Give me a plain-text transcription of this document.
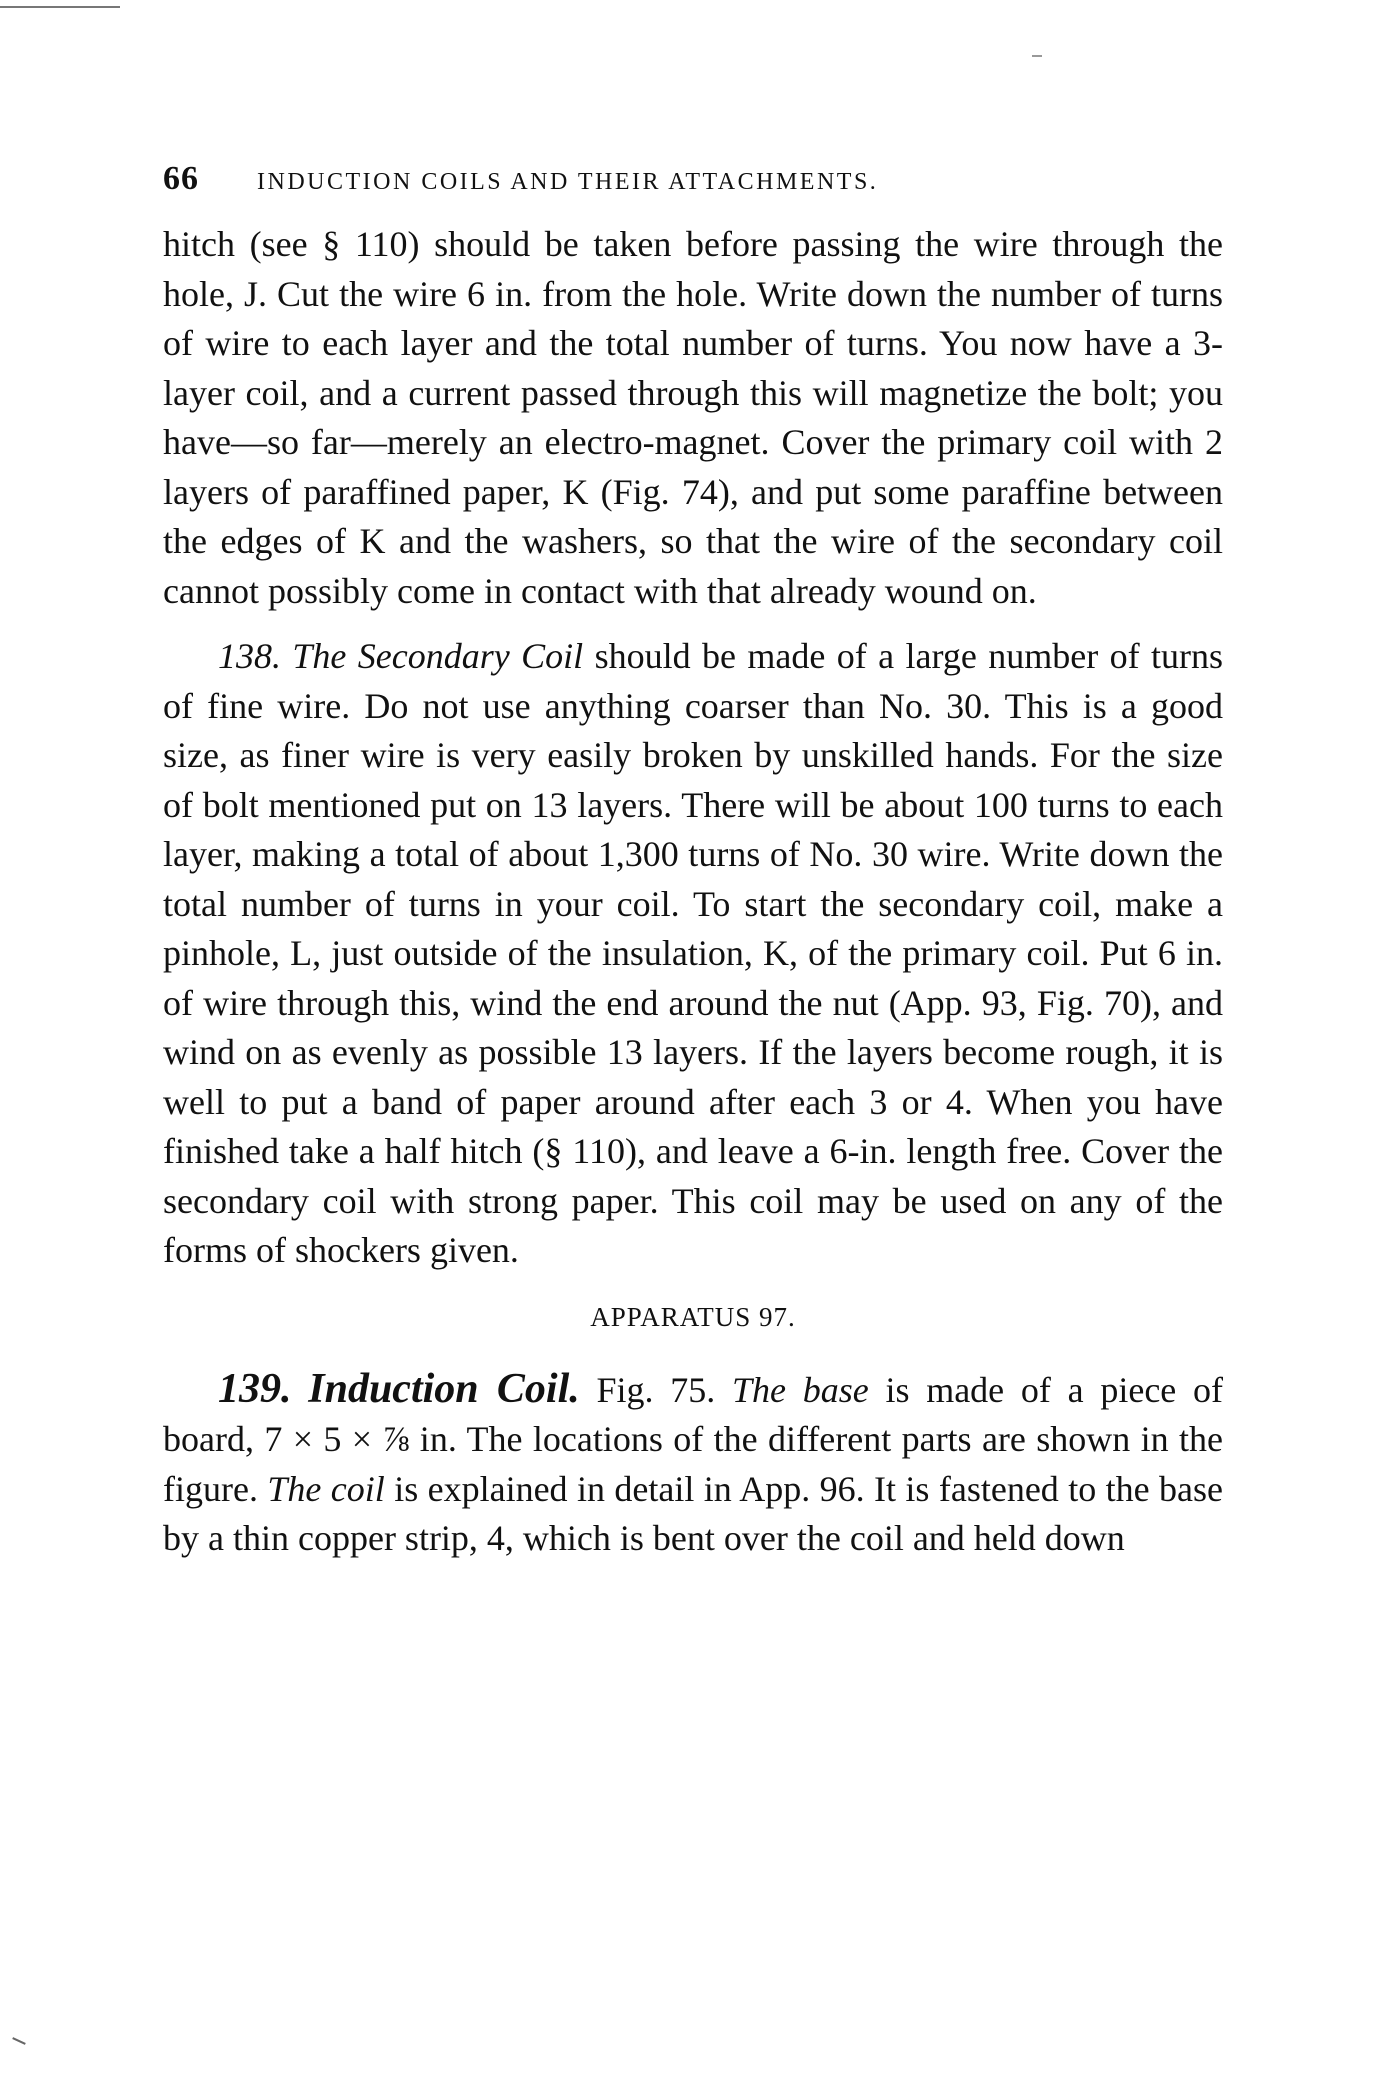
66 INDUCTION COILS AND THEIR ATTACHMENTS.

hitch (see § 110) should be taken before passing the wire through the hole, J. Cut the wire 6 in. from the hole. Write down the number of turns of wire to each layer and the total number of turns. You now have a 3-layer coil, and a current passed through this will magnetize the bolt; you have—so far—merely an electro-magnet. Cover the primary coil with 2 layers of paraffined paper, K (Fig. 74), and put some paraffine between the edges of K and the washers, so that the wire of the secondary coil cannot possibly come in contact with that already wound on.

138. The Secondary Coil should be made of a large number of turns of fine wire. Do not use anything coarser than No. 30. This is a good size, as finer wire is very easily broken by unskilled hands. For the size of bolt mentioned put on 13 layers. There will be about 100 turns to each layer, making a total of about 1,300 turns of No. 30 wire. Write down the total number of turns in your coil. To start the secondary coil, make a pinhole, L, just outside of the insulation, K, of the primary coil. Put 6 in. of wire through this, wind the end around the nut (App. 93, Fig. 70), and wind on as evenly as possible 13 layers. If the layers become rough, it is well to put a band of paper around after each 3 or 4. When you have finished take a half hitch (§ 110), and leave a 6-in. length free. Cover the secondary coil with strong paper. This coil may be used on any of the forms of shockers given.

APPARATUS 97.

139. Induction Coil. Fig. 75. The base is made of a piece of board, 7 × 5 × ⅞ in. The locations of the different parts are shown in the figure. The coil is explained in detail in App. 96. It is fastened to the base by a thin copper strip, 4, which is bent over the coil and held down
